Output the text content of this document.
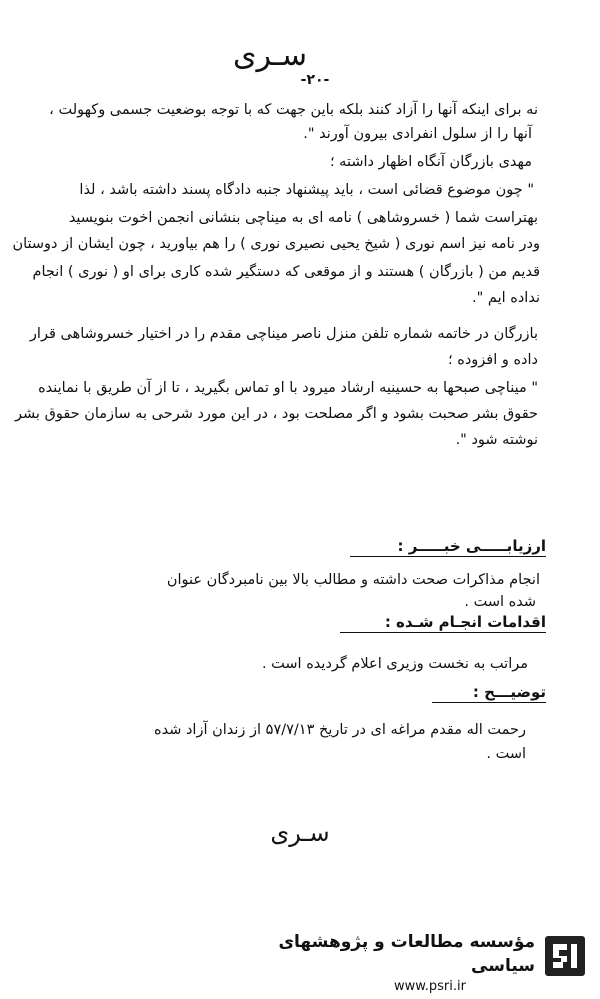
سـری
-۲۰-
نه برای اینکه آنها را آزاد کنند بلکه باین جهت که با توجه بوضعیت جسمی وکهولت ،
آنها را از سلول انفرادی بیرون آورند ".
مهدی بازرگان آنگاه اظهار داشته ؛
" چون موضوع قضائی است ، باید پیشنهاد جنبه دادگاه پسند داشته باشد ، لذا
بهتراست شما ( خسروشاهی ) نامه ای به میناچی بنشانی انجمن اخوت بنویسید
ودر نامه نیز اسم نوری ( شیخ یحیی نصیری نوری ) را هم بیاورید ، چون ایشان از دوستان
قدیم من ( بازرگان ) هستند و از موقعی که دستگیر شده کاری برای او ( نوری ) انجام
نداده ایم ".
بازرگان در خاتمه شماره تلفن منزل ناصر میناچی مقدم را در اختیار خسروشاهی قرار
داده و افزوده ؛
" میناچی صبحها به حسینیه ارشاد میرود با او تماس بگیرید ، تا از آن طریق با نماینده
حقوق بشر صحبت بشود و اگر مصلحت بود ، در این مورد شرحی به سازمان حقوق بشر
نوشته شود ".
ارزیابـــــی خبـــــر :
انجام مذاکرات صحت داشته و مطالب بالا بین نامبردگان عنوان
شده است .
اقدامات انجـام شـده :
مراتب به نخست وزیری اعلام گردیده است .
توضیـــح :
رحمت اله مقدم مراغه ای در تاریخ ۵۷/۷/۱۳ از زندان آزاد شده
است .
سـری
مؤسسه مطالعات و پژوهشهای سیاسی
www.psri.ir
